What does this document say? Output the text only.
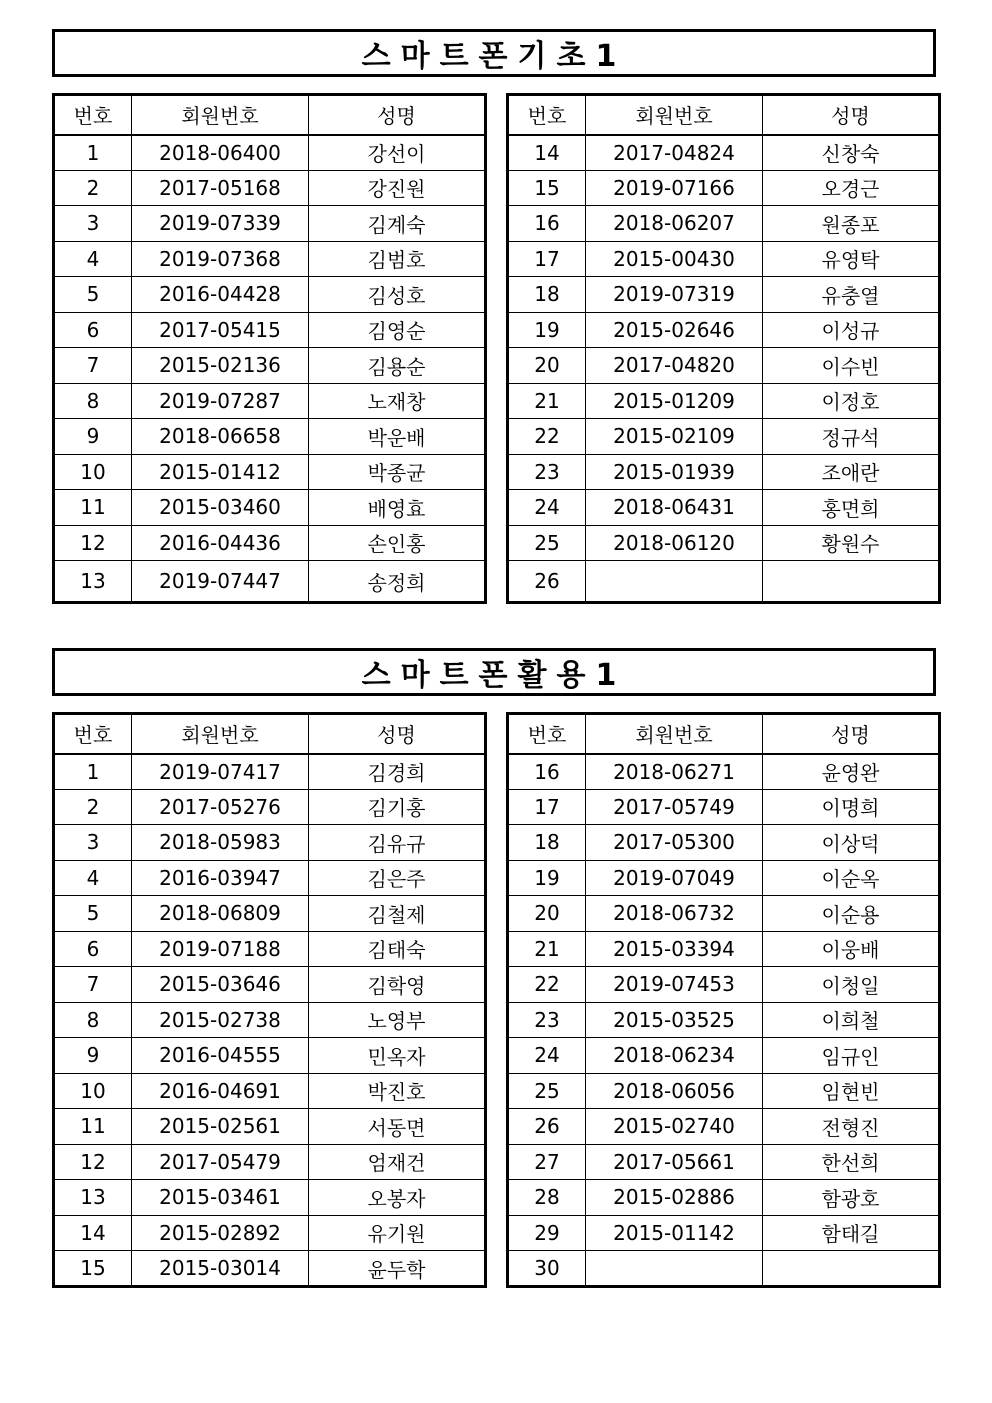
스마트폰기초1
번호	회원번호	성명
1	2018-06400	강선이
2	2017-05168	강진원
3	2019-07339	김계숙
4	2019-07368	김범호
5	2016-04428	김성호
6	2017-05415	김영순
7	2015-02136	김용순
8	2019-07287	노재창
9	2018-06658	박운배
10	2015-01412	박종균
11	2015-03460	배영효
12	2016-04436	손인홍
13	2019-07447	송정희
번호	회원번호	성명
14	2017-04824	신창숙
15	2019-07166	오경근
16	2018-06207	원종포
17	2015-00430	유영탁
18	2019-07319	유충열
19	2015-02646	이성규
20	2017-04820	이수빈
21	2015-01209	이정호
22	2015-02109	정규석
23	2015-01939	조애란
24	2018-06431	홍면희
25	2018-06120	황원수
26		
스마트폰활용1
번호	회원번호	성명
1	2019-07417	김경희
2	2017-05276	김기홍
3	2018-05983	김유규
4	2016-03947	김은주
5	2018-06809	김철제
6	2019-07188	김태숙
7	2015-03646	김학영
8	2015-02738	노영부
9	2016-04555	민옥자
10	2016-04691	박진호
11	2015-02561	서동면
12	2017-05479	엄재건
13	2015-03461	오봉자
14	2015-02892	유기원
15	2015-03014	윤두학
번호	회원번호	성명
16	2018-06271	윤영완
17	2017-05749	이명희
18	2017-05300	이상덕
19	2019-07049	이순옥
20	2018-06732	이순용
21	2015-03394	이웅배
22	2019-07453	이청일
23	2015-03525	이희철
24	2018-06234	임규인
25	2018-06056	임현빈
26	2015-02740	전형진
27	2017-05661	한선희
28	2015-02886	함광호
29	2015-01142	함태길
30		
